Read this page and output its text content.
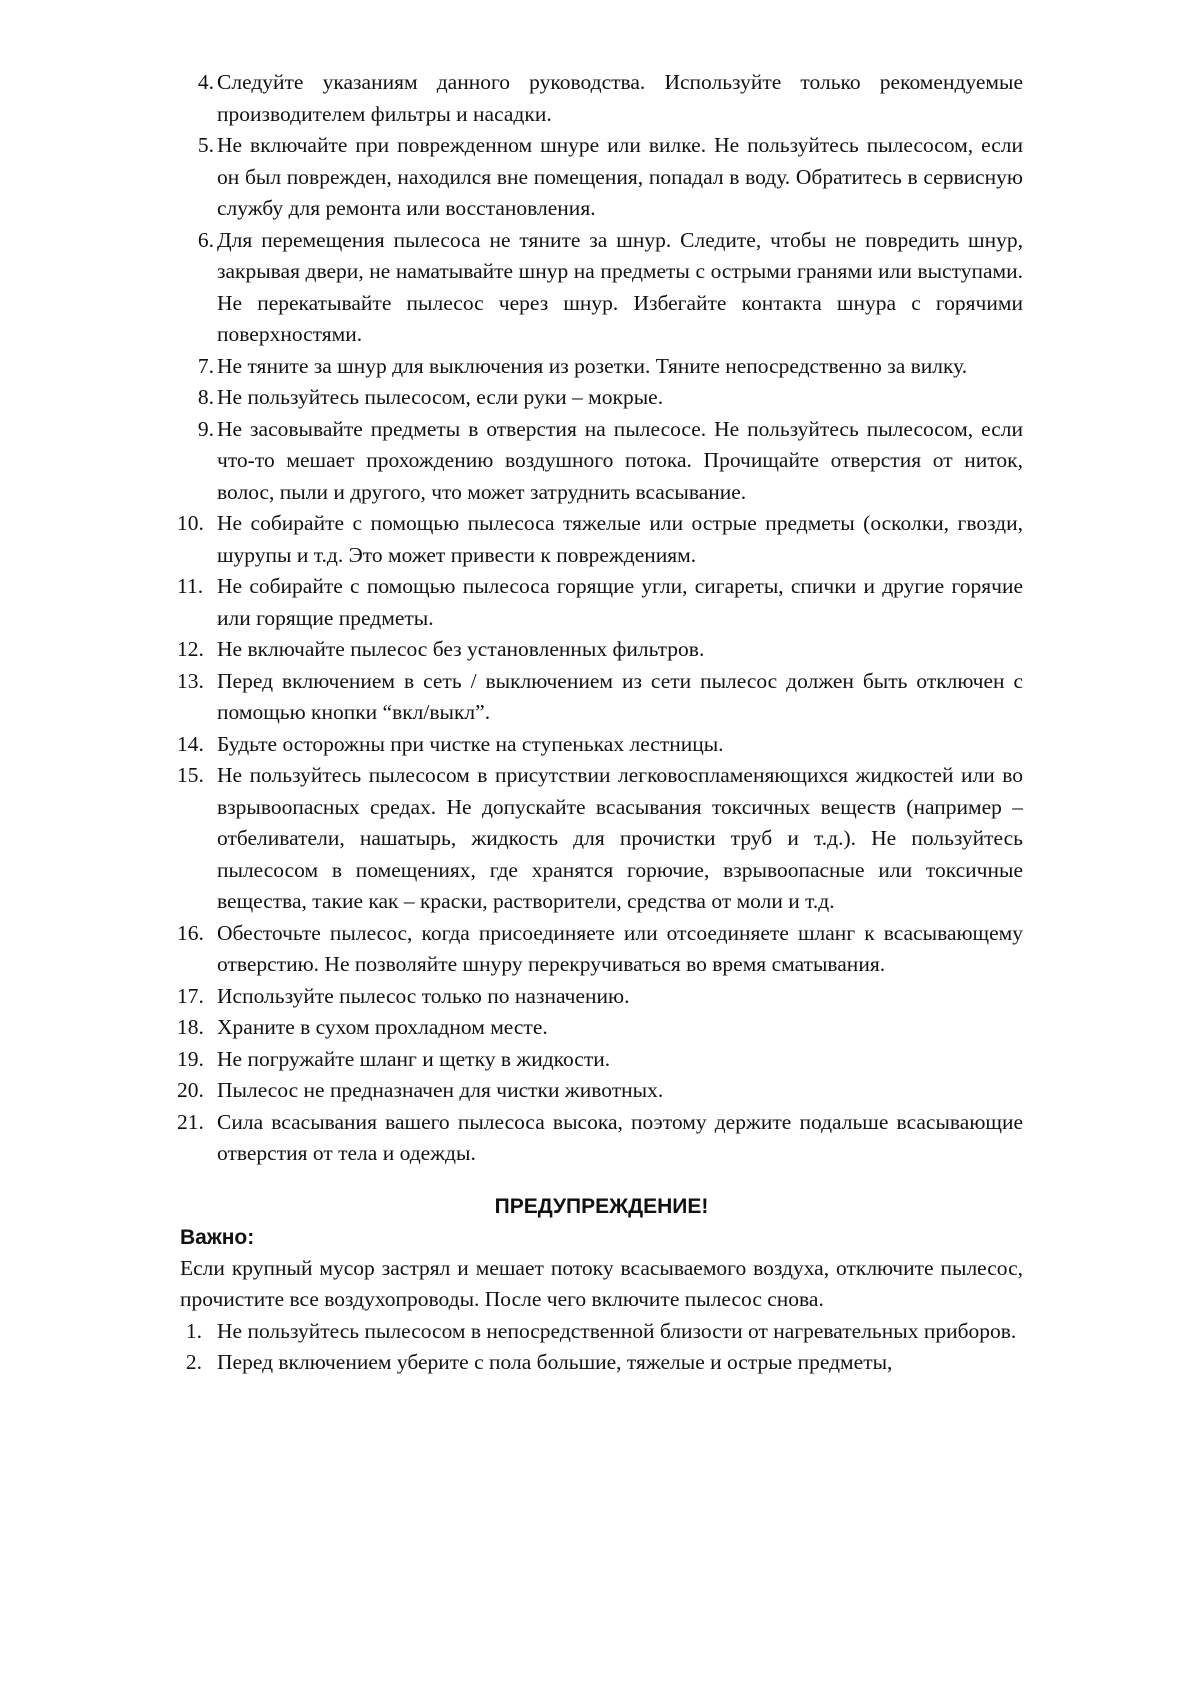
4. Следуйте указаниям данного руководства. Используйте только рекомендуемые производителем фильтры и насадки.
5. Не включайте при поврежденном шнуре или вилке. Не пользуйтесь пылесосом, если он был поврежден, находился вне помещения, попадал в воду. Обратитесь в сервисную службу для ремонта или восстановления.
6. Для перемещения пылесоса не тяните за шнур. Следите, чтобы не повредить шнур, закрывая двери, не наматывайте шнур на предметы с острыми гранями или выступами. Не перекатывайте пылесос через шнур. Избегайте контакта шнура с горячими поверхностями.
7. Не тяните за шнур для выключения из розетки. Тяните непосредственно за вилку.
8. Не пользуйтесь пылесосом, если руки – мокрые.
9. Не засовывайте предметы в отверстия на пылесосе. Не пользуйтесь пылесосом, если что-то мешает прохождению воздушного потока. Прочищайте отверстия от ниток, волос, пыли и другого, что может затруднить всасывание.
10. Не собирайте с помощью пылесоса тяжелые или острые предметы (осколки, гвозди, шурупы и т.д. Это может привести к повреждениям.
11. Не собирайте с помощью пылесоса горящие угли, сигареты, спички и другие горячие или горящие предметы.
12. Не включайте пылесос без установленных фильтров.
13. Перед включением в сеть / выключением из сети пылесос должен быть отключен с помощью кнопки “вкл/выкл”.
14. Будьте осторожны при чистке на ступеньках лестницы.
15. Не пользуйтесь пылесосом в присутствии легковоспламеняющихся жидкостей или во взрывоопасных средах. Не допускайте всасывания токсичных веществ (например – отбеливатели, нашатырь, жидкость для прочистки труб и т.д.). Не пользуйтесь пылесосом в помещениях, где хранятся горючие, взрывоопасные или токсичные вещества, такие как – краски, растворители, средства от моли и т.д.
16. Обесточьте пылесос, когда присоединяете или отсоединяете шланг к всасывающему отверстию. Не позволяйте шнуру перекручиваться во время сматывания.
17. Используйте пылесос только по назначению.
18. Храните в сухом прохладном месте.
19. Не погружайте шланг и щетку в жидкости.
20. Пылесос не предназначен для чистки животных.
21. Сила всасывания вашего пылесоса высока, поэтому держите подальше всасывающие отверстия от тела и одежды.
ПРЕДУПРЕЖДЕНИЕ!
Важно:
Если крупный мусор застрял и мешает потоку всасываемого воздуха, отключите пылесос, прочистите все воздухопроводы. После чего включите пылесос снова.
1. Не пользуйтесь пылесосом в непосредственной близости от нагревательных приборов.
2. Перед включением уберите с пола большие, тяжелые и острые предметы,
